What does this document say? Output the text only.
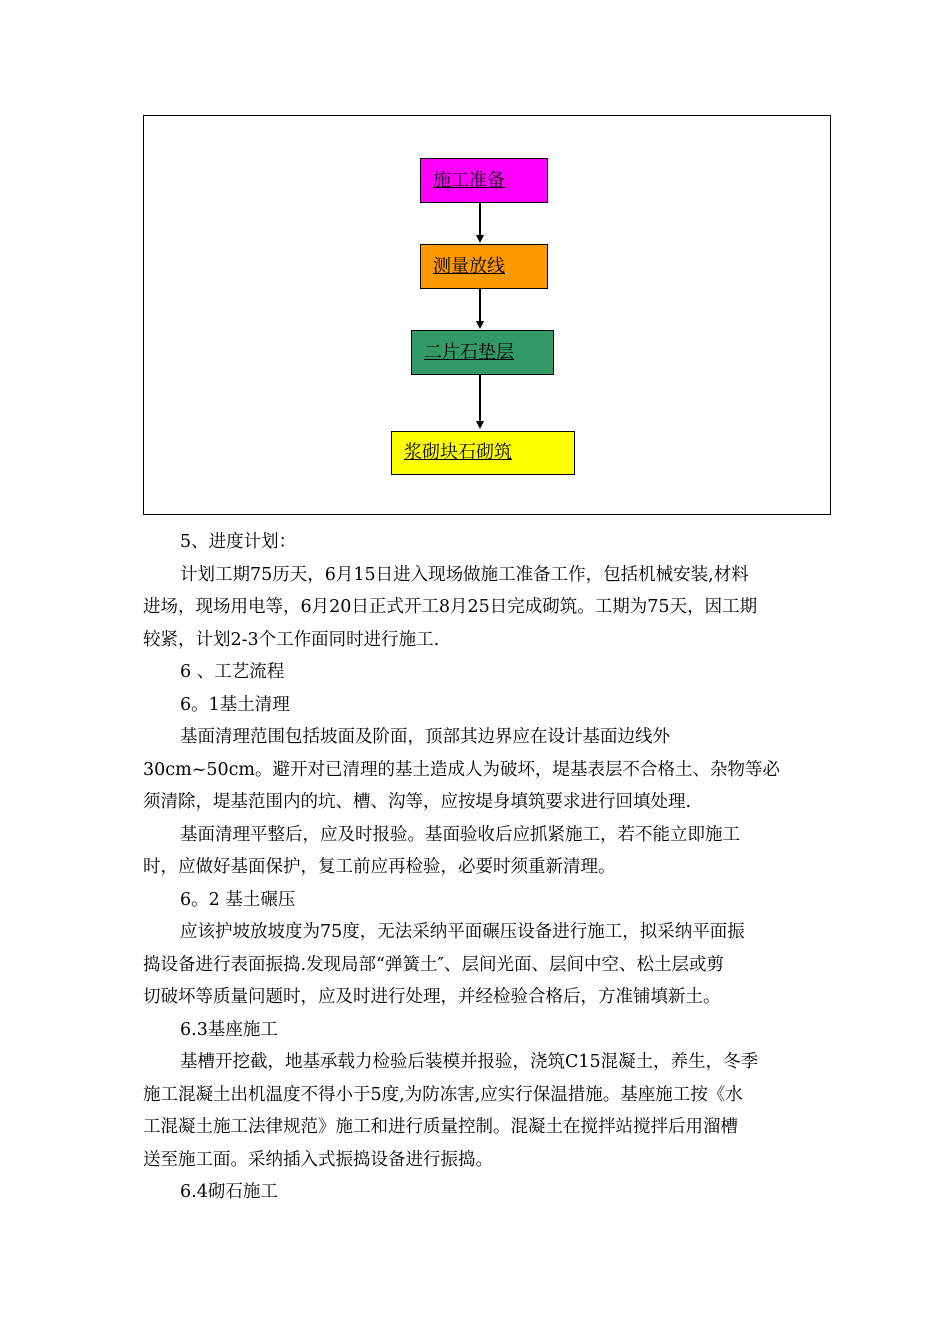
施工准备
测量放线
二片石垫层
浆砌块石砌筑
5、进度计划：
计划工期75历天，6月15日进入现场做施工准备工作，包括机械安装,材料
进场，现场用电等，6月20日正式开工8月25日完成砌筑。工期为75天，因工期
较紧，计划2-3个工作面同时进行施工.
6 、工艺流程
6。1基土清理
基面清理范围包括坡面及阶面，顶部其边界应在设计基面边线外
30cm~50cm。避开对已清理的基土造成人为破坏，堤基表层不合格土、杂物等必
须清除，堤基范围内的坑、槽、沟等，应按堤身填筑要求进行回填处理.
基面清理平整后，应及时报验。基面验收后应抓紧施工，若不能立即施工
时，应做好基面保护，复工前应再检验，必要时须重新清理。
6。2 基土碾压
应该护坡放坡度为75度，无法采纳平面碾压设备进行施工，拟采纳平面振
捣设备进行表面振捣.发现局部“弹簧土″、层间光面、层间中空、松土层或剪
切破坏等质量问题时，应及时进行处理，并经检验合格后，方准铺填新土。
6.3基座施工
基槽开挖截，地基承载力检验后装模并报验，浇筑C15混凝土，养生，冬季
施工混凝土出机温度不得小于5度,为防冻害,应实行保温措施。基座施工按《水
工混凝土施工法律规范》施工和进行质量控制。混凝土在搅拌站搅拌后用溜槽
送至施工面。采纳插入式振捣设备进行振捣。
6.4砌石施工
